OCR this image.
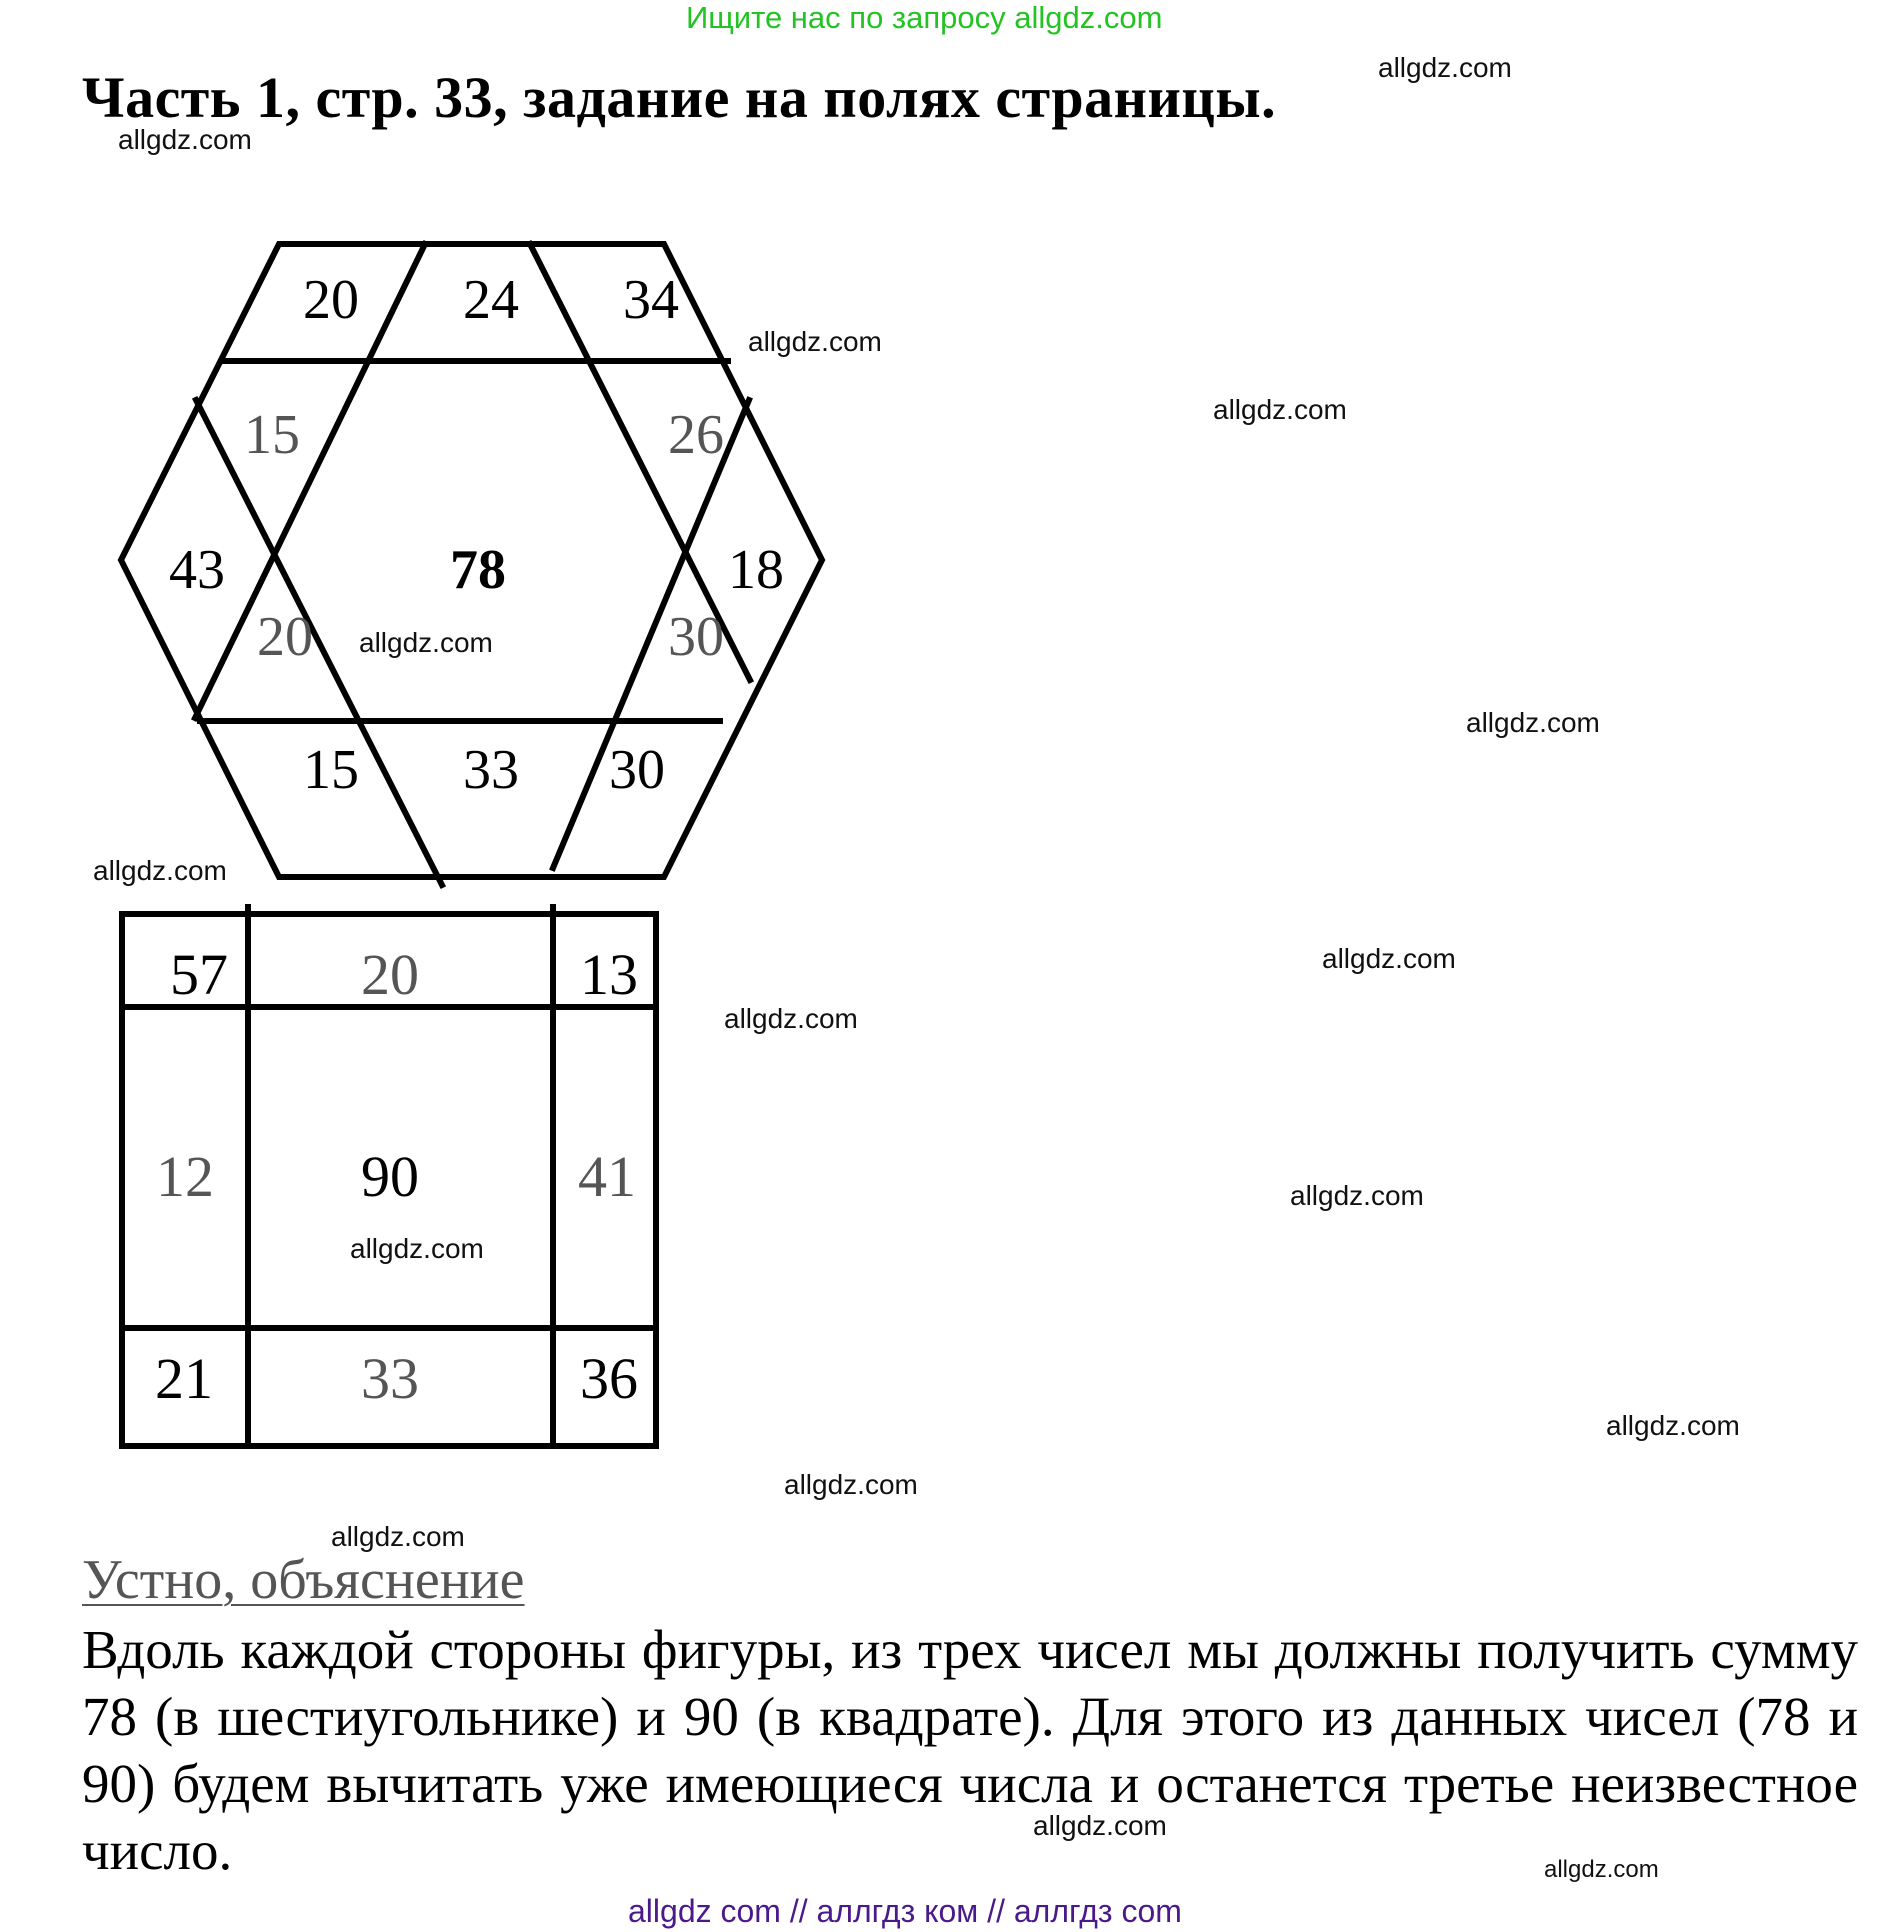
Ищите нас по запросу allgdz.com
Часть 1, стр. 33, задание на полях страницы.
20 24 34
15	26
43	78	18
20	30
15 33 30
57 20	13
12	90	41
21	33	36
allgdz.com
allgdz.com
allgdz.com
allgdz.com
allgdz.com
allgdz.com
allgdz.com
allgdz.com
allgdz.com
allgdz.com
allgdz.com
allgdz.com
allgdz.com
allgdz.com
allgdz.com
allgdz.com
Устно, объяснение
Вдоль каждой стороны фигуры, из трех чисел мы должны получить сумму 78 (в шестиугольнике) и 90 (в квадрате). Для этого из данных чисел (78 и 90) будем вычитать уже имеющиеся числа и останется третье неизвестное число.
allgdz com // аллгдз ком // аллгдз com
